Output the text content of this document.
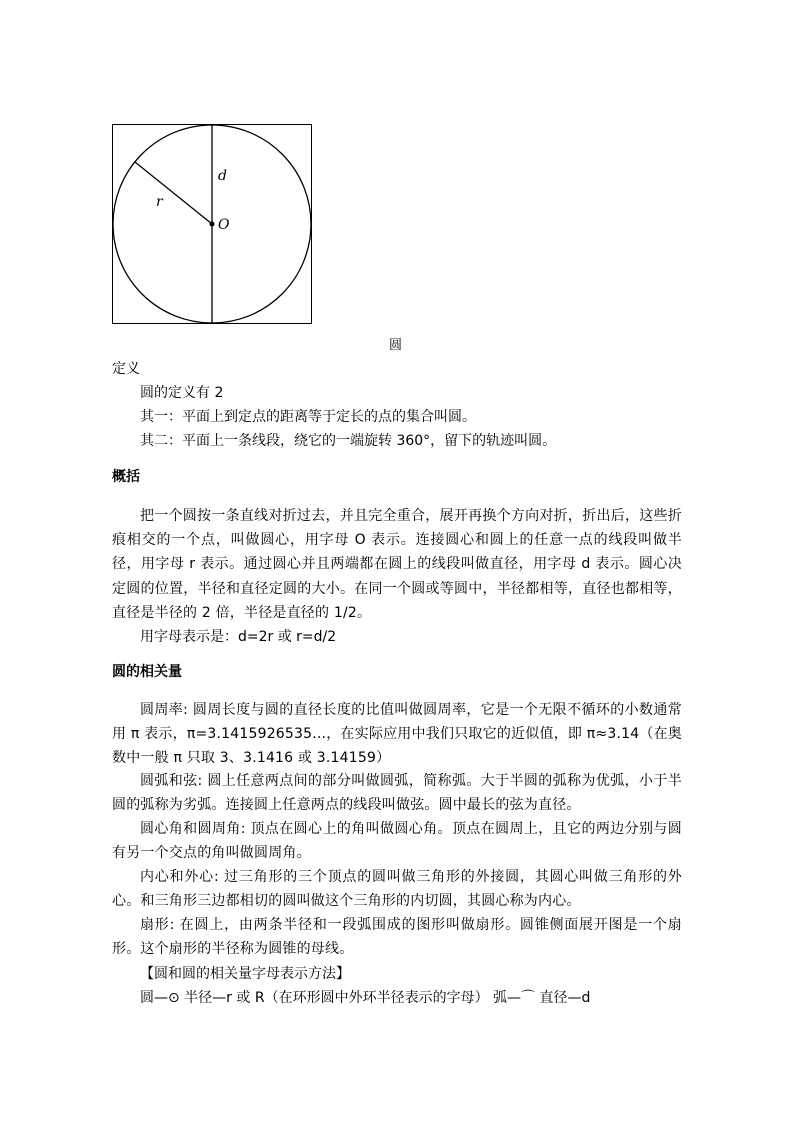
d
r
O
圆
定义
圆的定义有 2
其一：平面上到定点的距离等于定长的点的集合叫圆。
其二：平面上一条线段，绕它的一端旋转 360°，留下的轨迹叫圆。
概括
把一个圆按一条直线对折过去，并且完全重合，展开再换个方向对折，折出后，这些折痕相交的一个点，叫做圆心，用字母 O 表示。连接圆心和圆上的任意一点的线段叫做半径，用字母 r 表示。通过圆心并且两端都在圆上的线段叫做直径，用字母 d 表示。圆心决定圆的位置，半径和直径定圆的大小。在同一个圆或等圆中，半径都相等，直径也都相等，直径是半径的 2 倍，半径是直径的 1/2。
用字母表示是：d=2r 或 r=d/2
圆的相关量
圆周率: 圆周长度与圆的直径长度的比值叫做圆周率，它是一个无限不循环的小数通常用 π 表示，π=3.1415926535...，在实际应用中我们只取它的近似值，即 π≈3.14（在奥数中一般 π 只取 3、3.1416 或 3.14159）
圆弧和弦: 圆上任意两点间的部分叫做圆弧，简称弧。大于半圆的弧称为优弧，小于半圆的弧称为劣弧。连接圆上任意两点的线段叫做弦。圆中最长的弦为直径。
圆心角和圆周角: 顶点在圆心上的角叫做圆心角。顶点在圆周上，且它的两边分别与圆有另一个交点的角叫做圆周角。
内心和外心: 过三角形的三个顶点的圆叫做三角形的外接圆，其圆心叫做三角形的外心。和三角形三边都相切的圆叫做这个三角形的内切圆，其圆心称为内心。
扇形: 在圆上，由两条半径和一段弧围成的图形叫做扇形。圆锥侧面展开图是一个扇形。这个扇形的半径称为圆锥的母线。
【圆和圆的相关量字母表示方法】
圆—⊙ 半径—r 或 R（在环形圆中外环半径表示的字母） 弧—⌒ 直径—d
